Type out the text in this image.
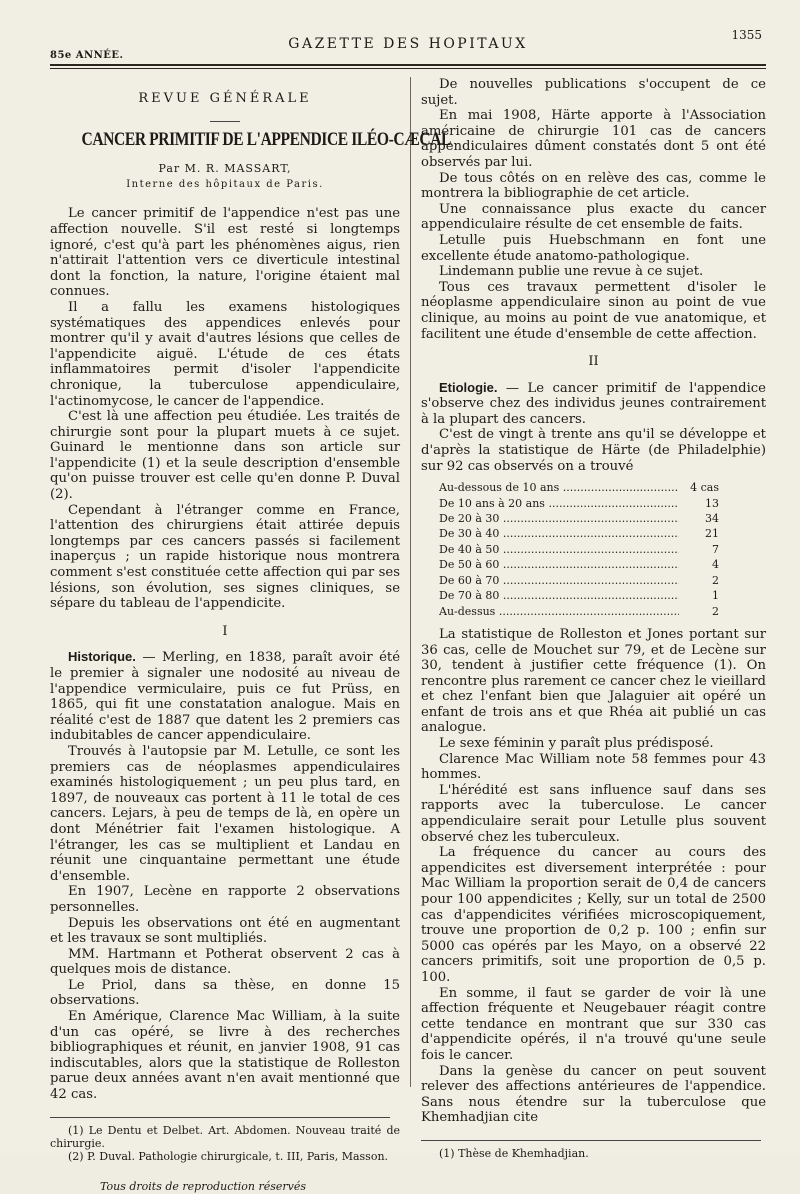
85e ANNÉE.
GAZETTE DES HOPITAUX
1355
REVUE GÉNÉRALE
CANCER PRIMITIF DE L'APPENDICE ILÉO-CÆCAL
Par M. R. MASSART,
Interne des hôpitaux de Paris.

Le cancer primitif de l'appendice n'est pas une affection nouvelle. S'il est resté si longtemps ignoré, c'est qu'à part les phénomènes aigus, rien n'attirait l'attention vers ce diverticule intestinal dont la fonction, la nature, l'origine étaient mal connues.

Il a fallu les examens histologiques systématiques des appendices enlevés pour montrer qu'il y avait d'autres lésions que celles de l'appendicite aiguë. L'étude de ces états inflammatoires permit d'isoler l'appendicite chronique, la tuberculose appendiculaire, l'actinomycose, le cancer de l'appendice.

C'est là une affection peu étudiée. Les traités de chirurgie sont pour la plupart muets à ce sujet. Guinard le mentionne dans son article sur l'appendicite (1) et la seule description d'ensemble qu'on puisse trouver est celle qu'en donne P. Duval (2).

Cependant à l'étranger comme en France, l'attention des chirurgiens était attirée depuis longtemps par ces cancers passés si facilement inaperçus ; un rapide historique nous montrera comment s'est constituée cette affection qui par ses lésions, son évolution, ses signes cliniques, se sépare du tableau de l'appendicite.

I

Historique. — Merling, en 1838, paraît avoir été le premier à signaler une nodosité au niveau de l'appendice vermiculaire, puis ce fut Prüss, en 1865, qui fit une constatation analogue. Mais en réalité c'est de 1887 que datent les 2 premiers cas indubitables de cancer appendiculaire.

Trouvés à l'autopsie par M. Letulle, ce sont les premiers cas de néoplasmes appendiculaires examinés histologiquement ; un peu plus tard, en 1897, de nouveaux cas portent à 11 le total de ces cancers. Lejars, à peu de temps de là, en opère un dont Ménétrier fait l'examen histologique. A l'étranger, les cas se multiplient et Landau en réunit une cinquantaine permettant une étude d'ensemble.

En 1907, Lecène en rapporte 2 observations personnelles.

Depuis les observations ont été en augmentant et les travaux se sont multipliés.

MM. Hartmann et Potherat observent 2 cas à quelques mois de distance.

Le Priol, dans sa thèse, en donne 15 observations.

En Amérique, Clarence Mac William, à la suite d'un cas opéré, se livre à des recherches bibliographiques et réunit, en janvier 1908, 91 cas indiscutables, alors que la statistique de Rolleston parue deux années avant n'en avait mentionné que 42 cas.

(1) Le Dentu et Delbet. Art. Abdomen. Nouveau traité de chirurgie.

(2) P. Duval. Pathologie chirurgicale, t. III, Paris, Masson.

Tous droits de reproduction réservés

De nouvelles publications s'occupent de ce sujet.

En mai 1908, Härte apporte à l'Association américaine de chirurgie 101 cas de cancers appendiculaires dûment constatés dont 5 ont été observés par lui.

De tous côtés on en relève des cas, comme le montrera la bibliographie de cet article.

Une connaissance plus exacte du cancer appendiculaire résulte de cet ensemble de faits.

Letulle puis Huebschmann en font une excellente étude anatomo-pathologique.

Lindemann publie une revue à ce sujet.

Tous ces travaux permettent d'isoler le néoplasme appendiculaire sinon au point de vue clinique, au moins au point de vue anatomique, et facilitent une étude d'ensemble de cette affection.

II

Etiologie. — Le cancer primitif de l'appendice s'observe chez des individus jeunes contrairement à la plupart des cancers.

C'est de vingt à trente ans qu'il se développe et d'après la statistique de Härte (de Philadelphie) sur 92 cas observés on a trouvé

Au-dessous de 10 ans .....	4 cas
De 10 ans à 20 ans .....	13
De 20 à 30 .....	34
De 30 à 40 .....	21
De 40 à 50 .....	7
De 50 à 60 .....	4
De 60 à 70 .....	2
De 70 à 80 .....	1
Au-dessus .....	2

La statistique de Rolleston et Jones portant sur 36 cas, celle de Mouchet sur 79, et de Lecène sur 30, tendent à justifier cette fréquence (1). On rencontre plus rarement ce cancer chez le vieillard et chez l'enfant bien que Jalaguier ait opéré un enfant de trois ans et que Rhéa ait publié un cas analogue.

Le sexe féminin y paraît plus prédisposé.

Clarence Mac William note 58 femmes pour 43 hommes.

L'hérédité est sans influence sauf dans ses rapports avec la tuberculose. Le cancer appendiculaire serait pour Letulle plus souvent observé chez les tuberculeux.

La fréquence du cancer au cours des appendicites est diversement interprétée : pour Mac William la proportion serait de 0,4 de cancers pour 100 appendicites ; Kelly, sur un total de 2500 cas d'appendicites vérifiées microscopiquement, trouve une proportion de 0,2 p. 100 ; enfin sur 5000 cas opérés par les Mayo, on a observé 22 cancers primitifs, soit une proportion de 0,5 p. 100.

En somme, il faut se garder de voir là une affection fréquente et Neugebauer réagit contre cette tendance en montrant que sur 330 cas d'appendicite opérés, il n'a trouvé qu'une seule fois le cancer.

Dans la genèse du cancer on peut souvent relever des affections antérieures de l'appendice. Sans nous étendre sur la tuberculose que Khemhadjian cite

(1) Thèse de Khemhadjian.
